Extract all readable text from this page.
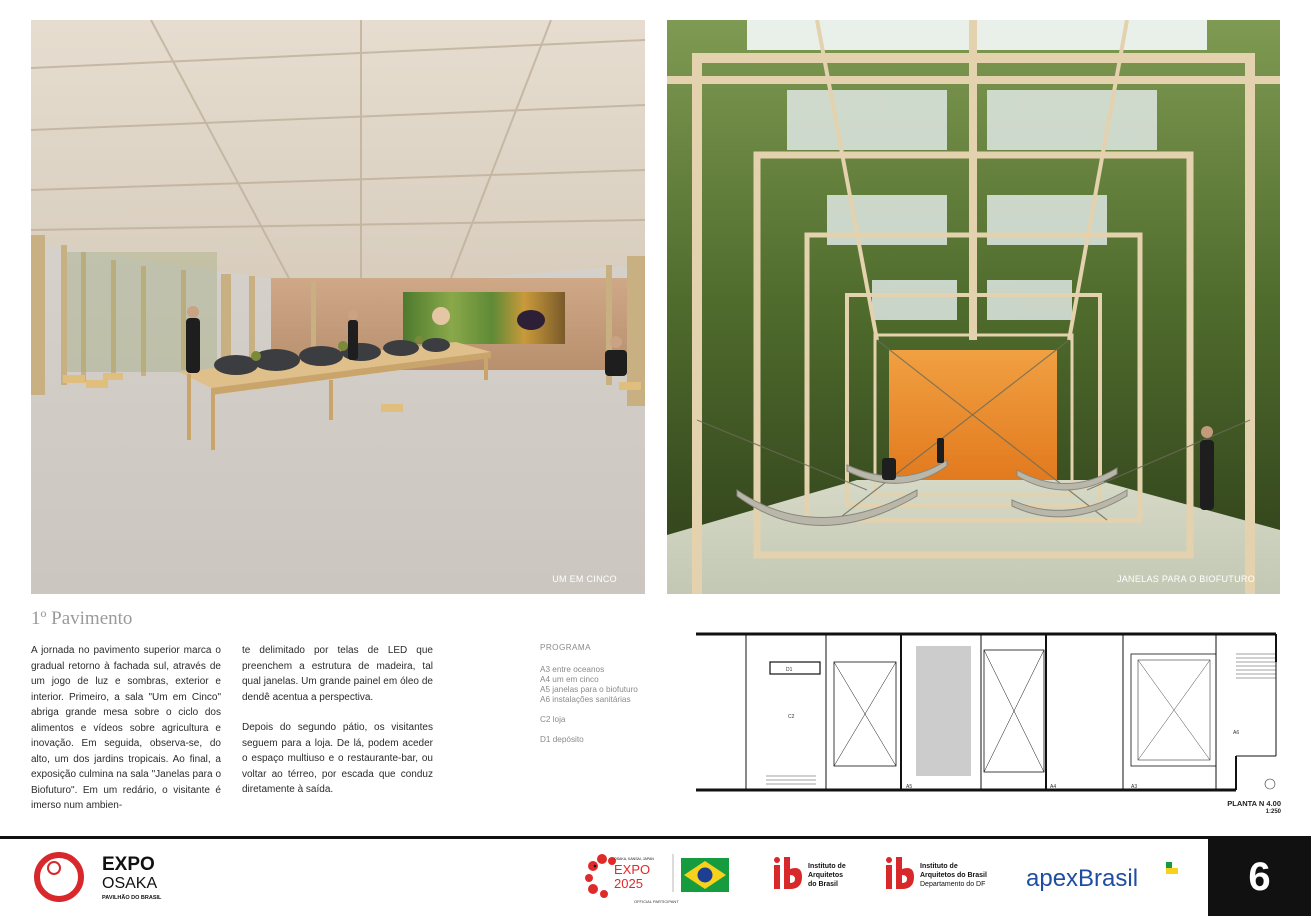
UM EM CINCO	JANELAS PARA O BIOFUTURO
1º Pavimento
A jornada no pavimento superior marca o gradual retorno à fachada sul, através de um jogo de luz e sombras, exterior e interior. Primeiro, a sala "Um em Cinco" abriga grande mesa sobre o ciclo dos alimentos e vídeos sobre agricultura e inovação. Em seguida, observa-se, do alto, um dos jardins tropicais. Ao final, a exposição culmina na sala "Janelas para o Biofuturo". Em um redário, o visitante é imerso num ambien-
te delimitado por telas de LED que preenchem a estrutura de madeira, tal qual janelas. Um grande painel em óleo de dendê acentua a perspectiva.
Depois do segundo pátio, os visitantes seguem para a loja. De lá, podem aceder o espaço multiuso e o restaurante-bar, ou voltar ao térreo, por escada que conduz diretamente à saída.
PROGRAMA
A3 entre oceanos
A4 um em cinco
A5 janelas para o biofuturo
A6 instalações sanitárias
C2 loja
D1 depósito
D1
C2
A5	A4	A3
A6
PLANTA N 4.00
1:250
EXPO
OSAKA
PAVILHÃO DO BRASIL
OSAKA, KANSAI, JAPAN
EXPO
2025
OFFICIAL PARTICIPANT
Instituto de
Arquitetos
do Brasil
Instituto de
Arquitetos do Brasil
Departamento do DF apexBrasil	6
